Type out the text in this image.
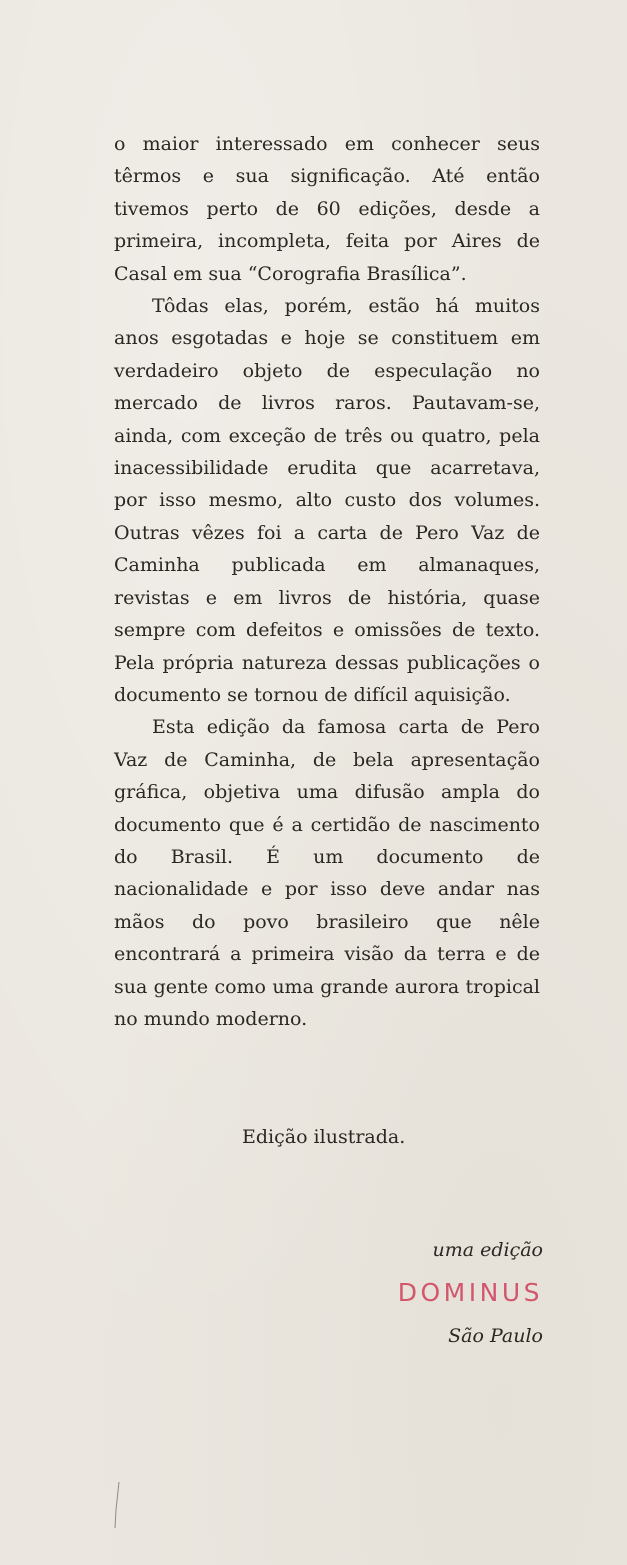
o maior interessado em conhecer seus têrmos e sua significação. Até então tivemos perto de 60 edições, desde a primeira, incompleta, feita por Aires de Casal em sua “Corografia Brasílica”.

Tôdas elas, porém, estão há muitos anos esgotadas e hoje se constituem em verdadeiro objeto de especulação no mercado de livros raros. Pautavam-se, ainda, com exceção de três ou quatro, pela inacessibilidade erudita que acarretava, por isso mesmo, alto custo dos volumes. Outras vêzes foi a carta de Pero Vaz de Caminha publicada em almanaques, revistas e em livros de história, quase sempre com defeitos e omissões de texto. Pela própria natureza dessas publicações o documento se tornou de difícil aquisição.

Esta edição da famosa carta de Pero Vaz de Caminha, de bela apresentação gráfica, objetiva uma difusão ampla do documento que é a certidão de nascimento do Brasil. É um documento de nacionalidade e por isso deve andar nas mãos do povo brasileiro que nêle encontrará a primeira visão da terra e de sua gente como uma grande aurora tropical no mundo moderno.

Edição ilustrada.

uma edição
DOMINUS
São Paulo
